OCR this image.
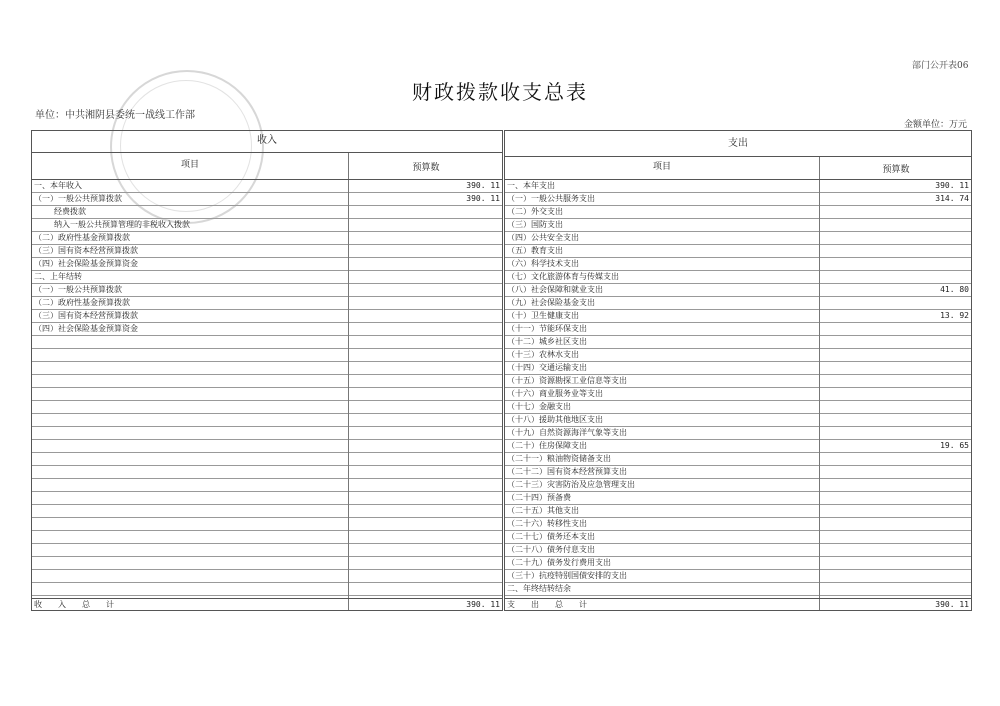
部门公开表06
财政拨款收支总表
单位：中共湘阴县委统一战线工作部
金额单位：万元
收入
项目	预算数
一、本年收入	390. 11
（一）一般公共预算拨款	390. 11
经费拨款
纳入一般公共预算管理的非税收入拨款
（二）政府性基金预算拨款
（三）国有资本经营预算拨款
（四）社会保险基金预算资金
二、上年结转
（一）一般公共预算拨款
（二）政府性基金预算拨款
（三）国有资本经营预算拨款
（四）社会保险基金预算资金
收　　入　　总　　计	390. 11
支出
项目	预算数
一、本年支出	390. 11
（一）一般公共服务支出	314. 74
（二）外交支出
（三）国防支出
（四）公共安全支出
（五）教育支出
（六）科学技术支出
（七）文化旅游体育与传媒支出
（八）社会保障和就业支出	41. 80
（九）社会保险基金支出
（十）卫生健康支出	13. 92
（十一）节能环保支出
（十二）城乡社区支出
（十三）农林水支出
（十四）交通运输支出
（十五）资源勘探工业信息等支出
（十六）商业服务业等支出
（十七）金融支出
（十八）援助其他地区支出
（十九）自然资源海洋气象等支出
（二十）住房保障支出	19. 65
（二十一）粮油物资储备支出
（二十二）国有资本经营预算支出
（二十三）灾害防治及应急管理支出
（二十四）预备费
（二十五）其他支出
（二十六）转移性支出
（二十七）债务还本支出
（二十八）债务付息支出
（二十九）债务发行费用支出
（三十）抗疫特别国债安排的支出
二、年终结转结余
支　　出　　总　　计	390. 11
